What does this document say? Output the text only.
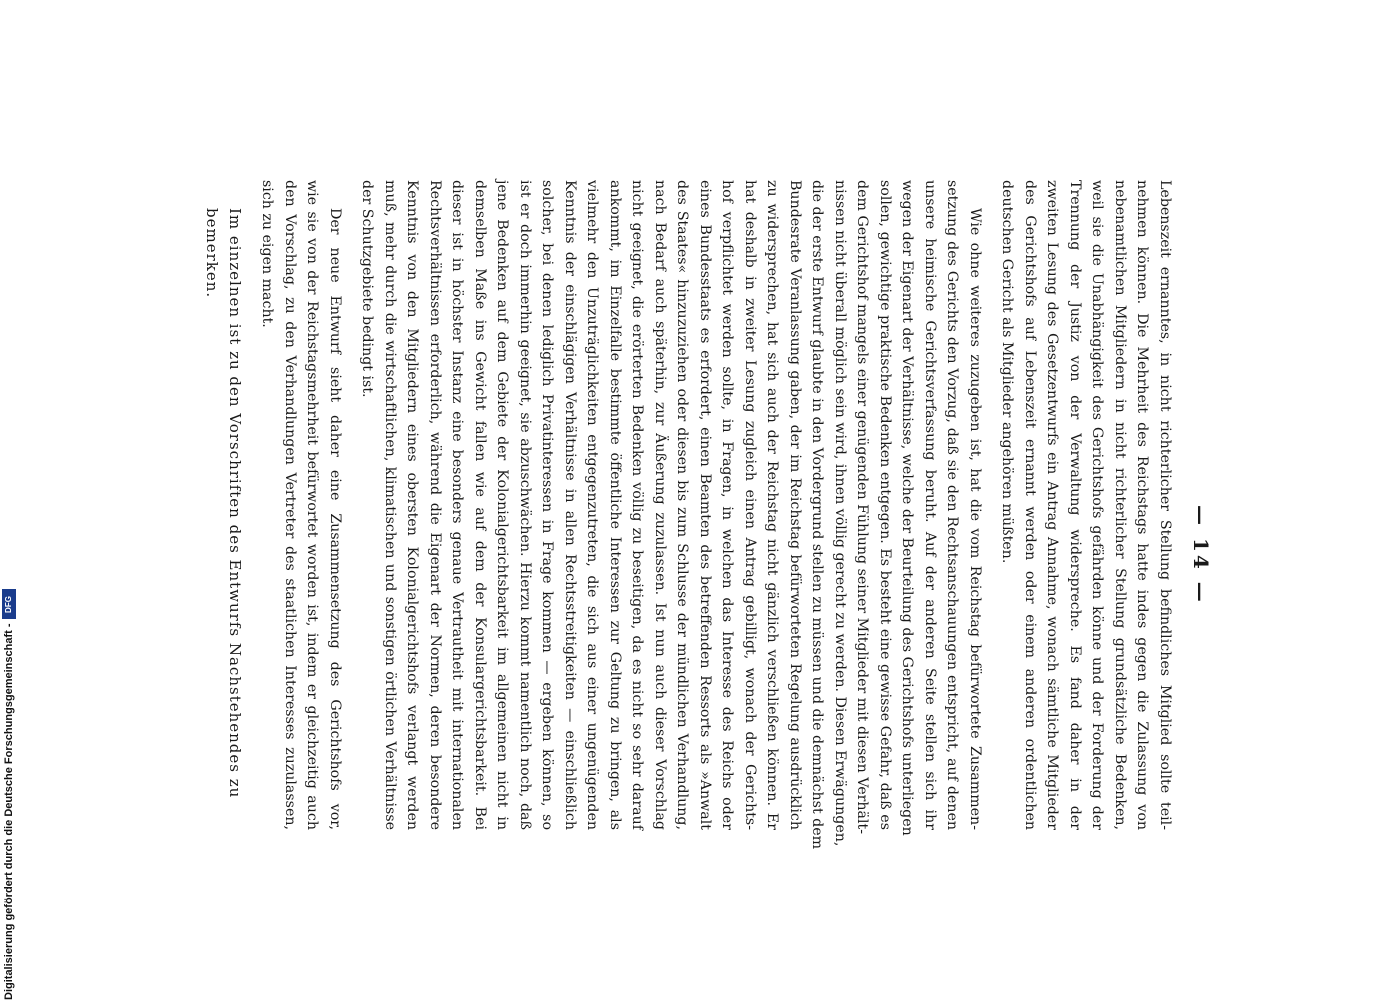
— 14 —
Lebenszeit ernanntes, in nicht richterlicher Stellung befindliches Mitglied sollte teil-
nehmen können. Die Mehrheit des Reichstags hatte indes gegen die Zulassung von
nebenamtlichen Mitgliedern in nicht richterlicher Stellung grundsätzliche Bedenken,
weil sie die Unabhängigkeit des Gerichtshofs gefährden könne und der Forderung der
Trennung der Justiz von der Verwaltung widerspreche. Es fand daher in der
zweiten Lesung des Gesetzentwurfs ein Antrag Annahme, wonach sämtliche Mitglieder
des Gerichtshofs auf Lebenszeit ernannt werden oder einem anderen ordentlichen
deutschen Gericht als Mitglieder angehören müßten.
Wie ohne weiteres zuzugeben ist, hat die vom Reichstag befürwortete Zusammen-
setzung des Gerichts den Vorzug, daß sie den Rechtsanschauungen entspricht, auf denen
unsere heimische Gerichtsverfassung beruht. Auf der anderen Seite stellen sich ihr
wegen der Eigenart der Verhältnisse, welche der Beurteilung des Gerichtshofs unterliegen
sollen, gewichtige praktische Bedenken entgegen. Es besteht eine gewisse Gefahr, daß es
dem Gerichtshof mangels einer genügenden Fühlung seiner Mitglieder mit diesen Verhält-
nissen nicht überall möglich sein wird, ihnen völlig gerecht zu werden. Diesen Erwägungen,
die der erste Entwurf glaubte in den Vordergrund stellen zu müssen und die demnächst dem
Bundesrate Veranlassung gaben, der im Reichstag befürworteten Regelung ausdrücklich
zu widersprechen, hat sich auch der Reichstag nicht gänzlich verschließen können. Er
hat deshalb in zweiter Lesung zugleich einen Antrag gebilligt, wonach der Gerichts-
hof verpflichtet werden sollte, in Fragen, in welchen das Interesse des Reichs oder
eines Bundesstaats es erfordert, einen Beamten des betreffenden Ressorts als »Anwalt
des Staates« hinzuzuziehen oder diesen bis zum Schlusse der mündlichen Verhandlung,
nach Bedarf auch späterhin, zur Äußerung zuzulassen. Ist nun auch dieser Vorschlag
nicht geeignet, die erörterten Bedenken völlig zu beseitigen, da es nicht so sehr darauf
ankommt, im Einzelfalle bestimmte öffentliche Interessen zur Geltung zu bringen, als
vielmehr den Unzuträglichkeiten entgegenzutreten, die sich aus einer ungenügenden
Kenntnis der einschlägigen Verhältnisse in allen Rechtsstreitigkeiten — einschließlich
solcher, bei denen lediglich Privatinteressen in Frage kommen — ergeben können, so
ist er doch immerhin geeignet, sie abzuschwächen. Hierzu kommt namentlich noch, daß
jene Bedenken auf dem Gebiete der Kolonialgerichtsbarkeit im allgemeinen nicht in
demselben Maße ins Gewicht fallen wie auf dem der Konsulargerichtsbarkeit. Bei
dieser ist in höchster Instanz eine besonders genaue Vertrautheit mit internationalen
Rechtsverhältnissen erforderlich, während die Eigenart der Normen, deren besondere
Kenntnis von den Mitgliedern eines obersten Kolonialgerichtshofs verlangt werden
muß, mehr durch die wirtschaftlichen, klimatischen und sonstigen örtlichen Verhältnisse
der Schutzgebiete bedingt ist.
Der neue Entwurf sieht daher eine Zusammensetzung des Gerichtshofs vor,
wie sie von der Reichstagsmehrheit befürwortet worden ist, indem er gleichzeitig auch
den Vorschlag, zu den Verhandlungen Vertreter des staatlichen Interesses zuzulassen,
sich zu eigen macht.
Im einzelnen ist zu den Vorschriften des Entwurfs Nachstehendes zu bemerken.
Digitalisierung gefördert durch die Deutsche Forschungsgemeinschaft -
DFG
